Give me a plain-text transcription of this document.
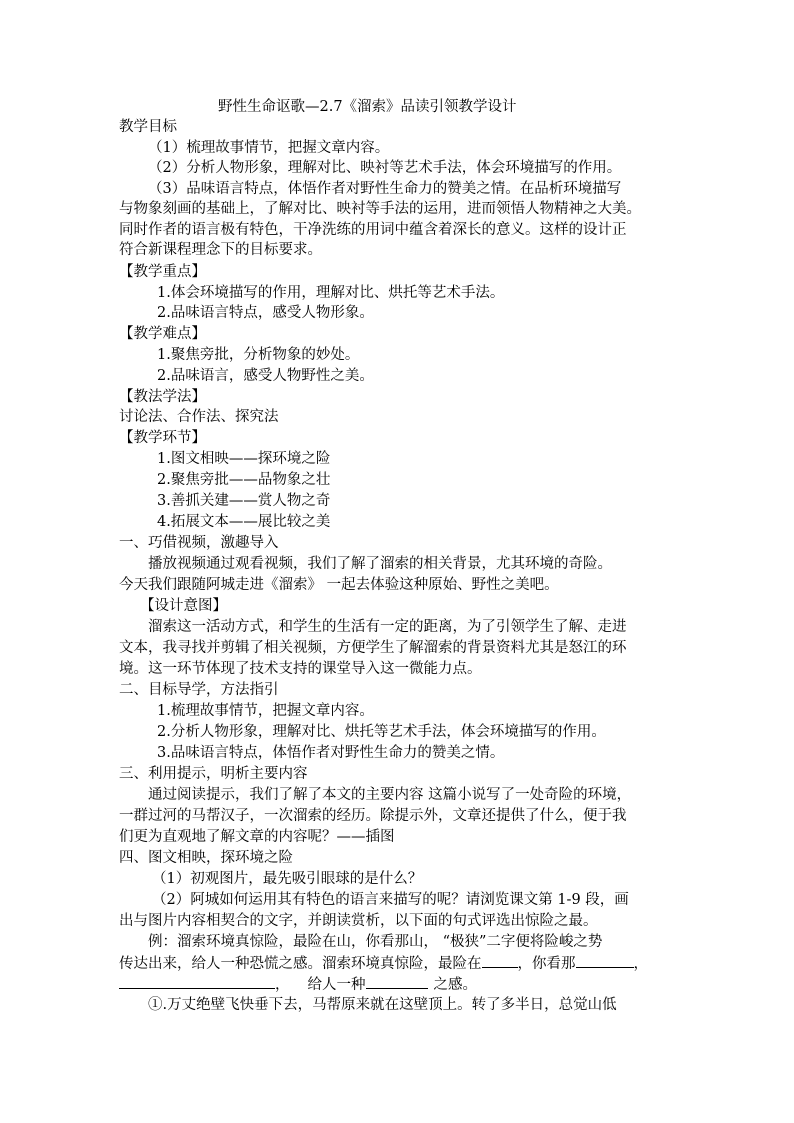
野性生命讴歌—2.7《溜索》品读引领教学设计
教学目标
（1）梳理故事情节，把握文章内容。
（2）分析人物形象，理解对比、映衬等艺术手法，体会环境描写的作用。
（3）品味语言特点，体悟作者对野性生命力的赞美之情。在品析环境描写
与物象刻画的基础上，了解对比、映衬等手法的运用，进而领悟人物精神之大美。
同时作者的语言极有特色，干净洗练的用词中蕴含着深长的意义。这样的设计正
符合新课程理念下的目标要求。
【教学重点】
1.体会环境描写的作用，理解对比、烘托等艺术手法。
2.品味语言特点，感受人物形象。
【教学难点】
1.聚焦旁批，分析物象的妙处。
2.品味语言，感受人物野性之美。
【教法学法】
讨论法、合作法、探究法
【教学环节】
1.图文相映——探环境之险
2.聚焦旁批——品物象之壮
3.善抓关建——赏人物之奇
4.拓展文本——展比较之美
一、巧借视频，激趣导入
播放视频通过观看视频，我们了解了溜索的相关背景，尤其环境的奇险。
今天我们跟随阿城走进《溜索》 一起去体验这种原始、野性之美吧。
【设计意图】
溜索这一活动方式，和学生的生活有一定的距离，为了引领学生了解、走进
文本，我寻找并剪辑了相关视频，方便学生了解溜索的背景资料尤其是怒江的环
境。这一环节体现了技术支持的课堂导入这一微能力点。
二、目标导学，方法指引
1.梳理故事情节，把握文章内容。
2.分析人物形象，理解对比、烘托等艺术手法，体会环境描写的作用。
3.品味语言特点，体悟作者对野性生命力的赞美之情。
三、利用提示，明析主要内容
通过阅读提示，我们了解了本文的主要内容 这篇小说写了一处奇险的环境，
一群过河的马帮汉子，一次溜索的经历。除提示外，文章还提供了什么，便于我
们更为直观地了解文章的内容呢？——插图
四、图文相映，探环境之险
（1）初观图片，最先吸引眼球的是什么？
（2）阿城如何运用其有特色的语言来描写的呢？请浏览课文第 1-9 段，画
出与图片内容相契合的文字，并朗读赏析，以下面的句式评选出惊险之最。
例：溜索环境真惊险，最险在山，你看那山， “极狭”二字便将险峻之势
传达出来，给人一种恐慌之感。溜索环境真惊险，最险在 ，你看那	，
， 给人一种	之感。
①.万丈绝壁飞快垂下去，马帮原来就在这壁顶上。转了多半日，总觉山低
